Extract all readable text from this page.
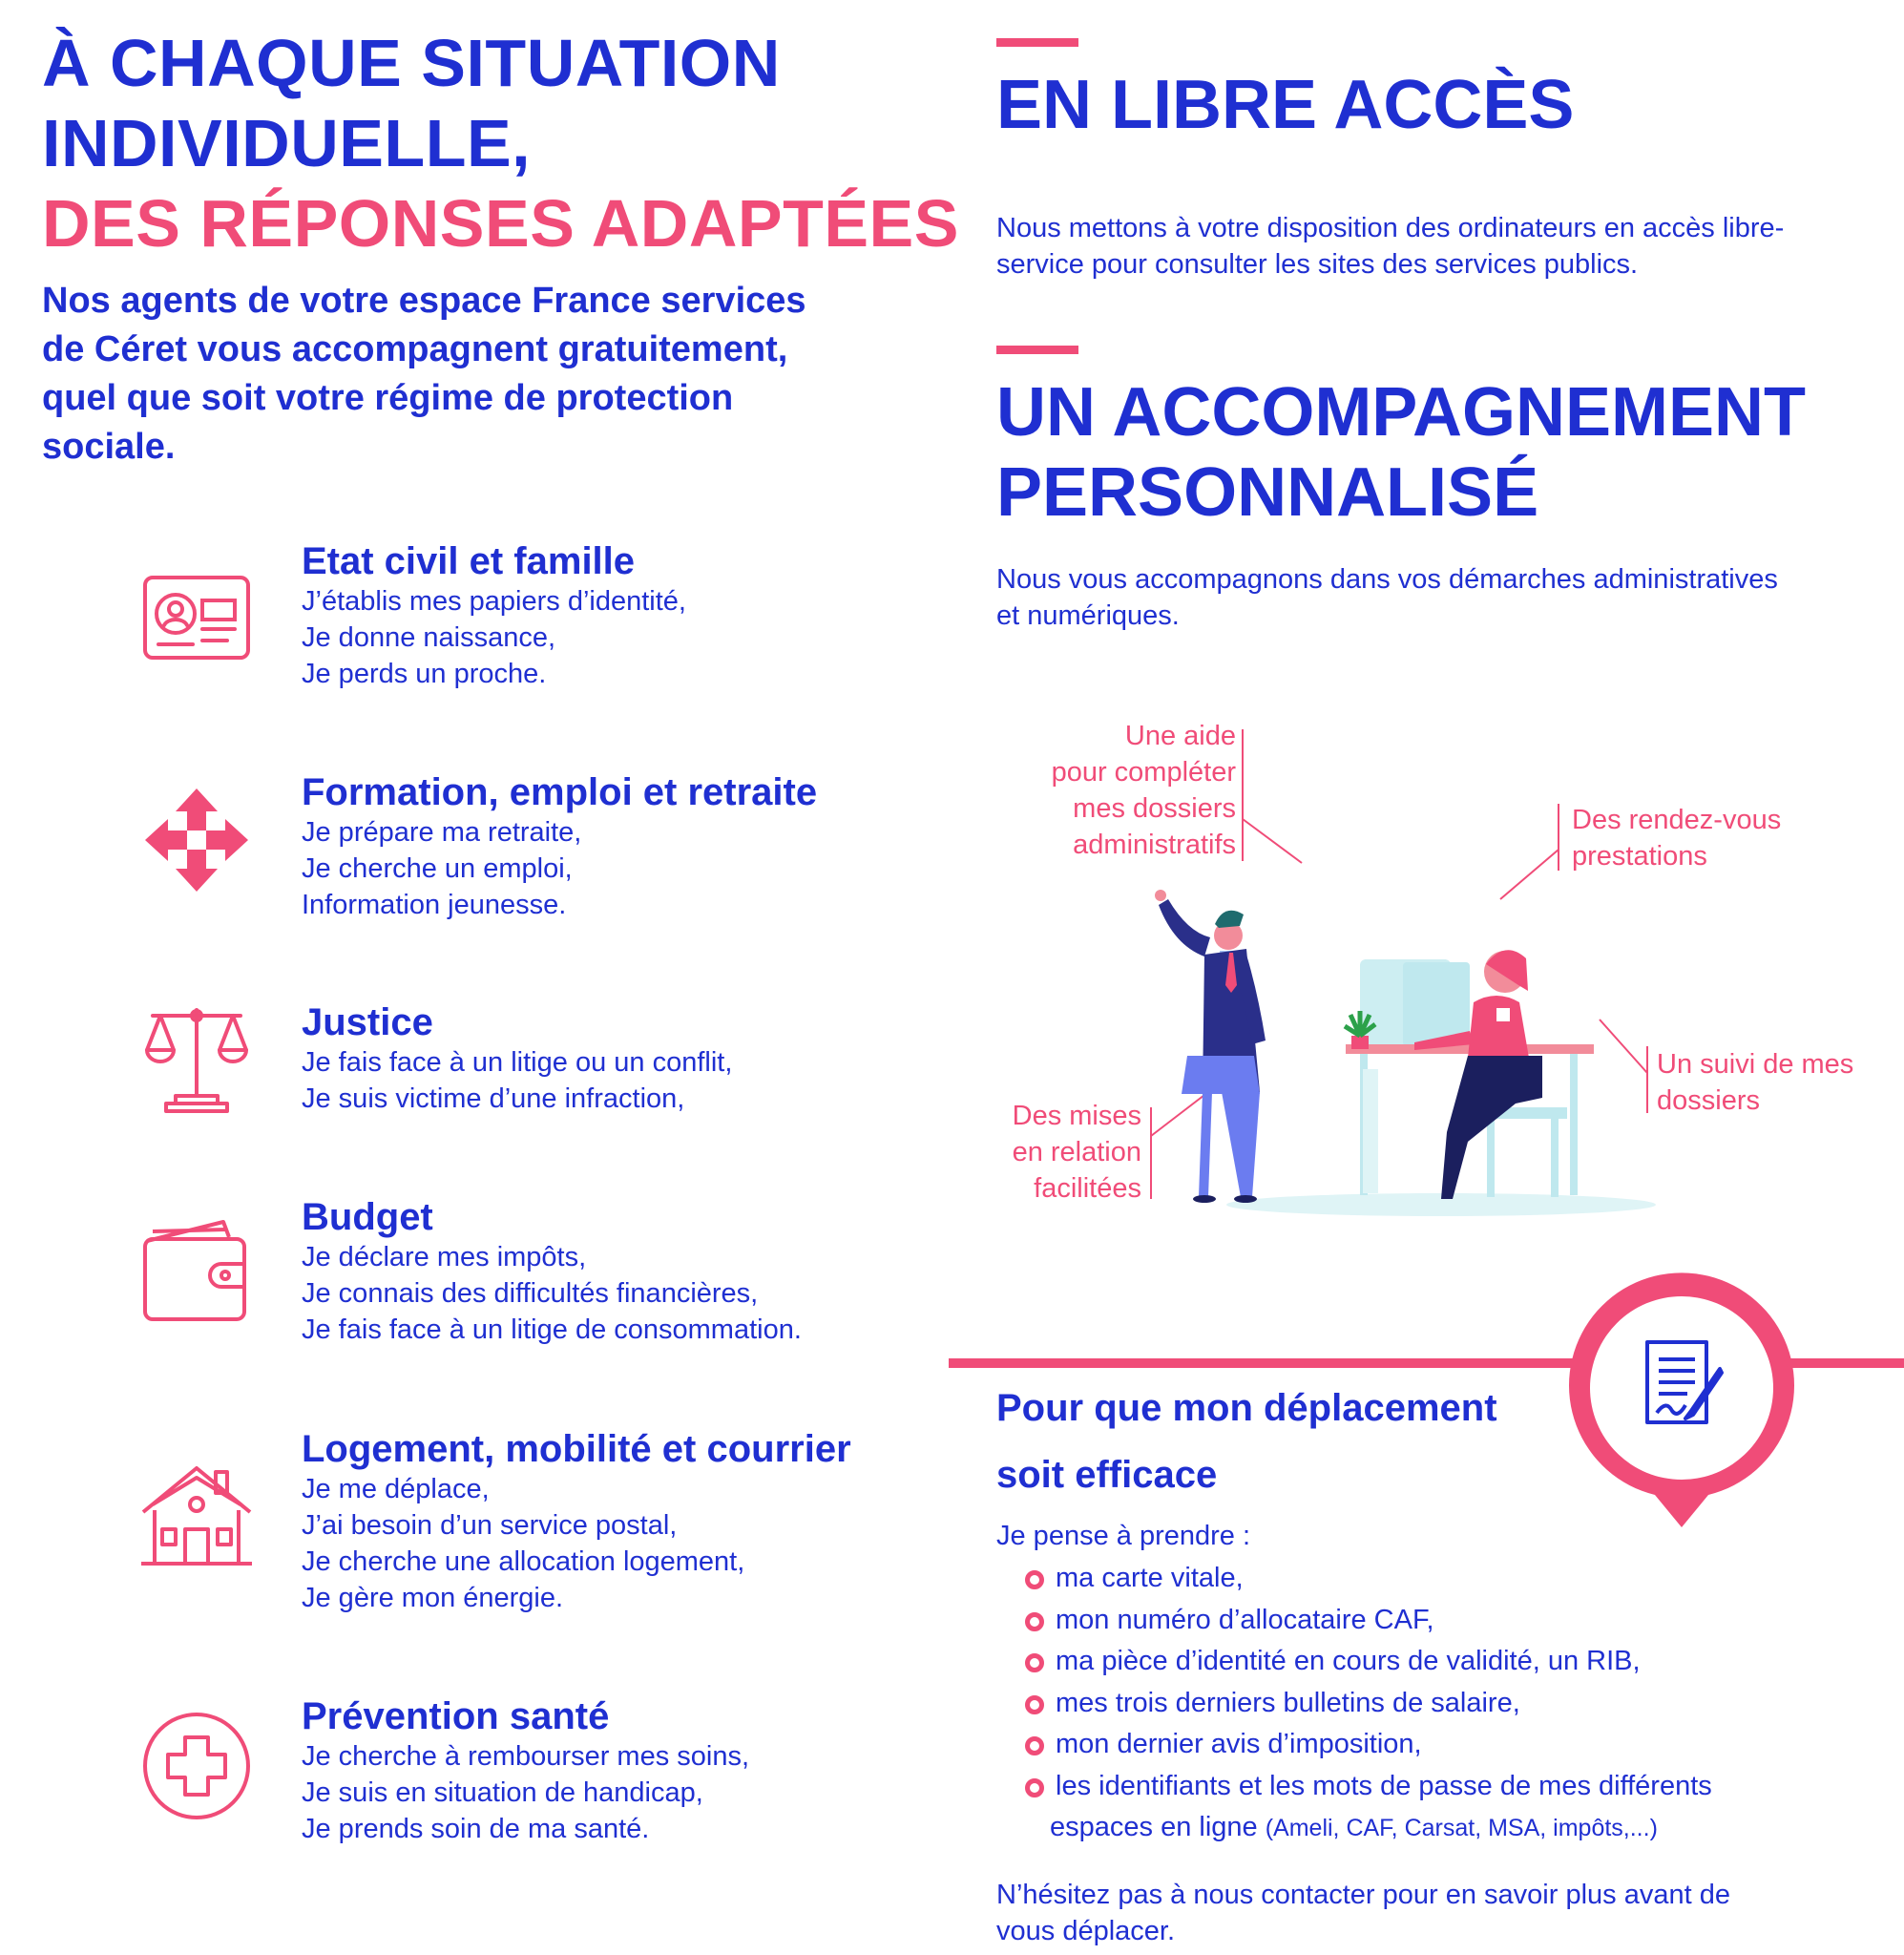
À CHAQUE SITUATION
INDIVIDUELLE,
DES RÉPONSES ADAPTÉES
Nos agents de votre espace France services
de Céret vous accompagnent gratuitement,
quel que soit votre régime de protection
sociale.
Etat civil et famille
J’établis mes papiers d’identité,
Je donne naissance,
Je perds un proche.
Formation, emploi et retraite
Je prépare ma retraite,
Je cherche un emploi,
Information jeunesse.
Justice
Je fais face à un litige ou un conflit,
Je suis victime d’une infraction,
Budget
Je déclare mes impôts,
Je connais des difficultés financières,
Je fais face à un litige de consommation.
Logement, mobilité et courrier
Je me déplace,
J’ai besoin d’un service postal,
Je cherche une allocation logement,
Je gère mon énergie.
Prévention santé
Je cherche à rembourser mes soins,
Je suis en situation de handicap,
Je prends soin de ma santé.
EN LIBRE ACCÈS
Nous mettons à votre disposition des ordinateurs en accès libre-
service pour consulter les sites des services publics.
UN ACCOMPAGNEMENT
PERSONNALISÉ
Nous vous accompagnons dans vos démarches administratives
et numériques.
Une aide
pour compléter
mes dossiers
administratifs
Des rendez-vous
prestations
Un suivi de mes
dossiers
Des mises
en relation
facilitées
Pour que mon déplacement
soit efficace
Je pense à prendre :
ma carte vitale,
mon numéro d’allocataire CAF,
ma pièce d’identité en cours de validité, un RIB,
mes trois derniers bulletins de salaire,
mon dernier avis d’imposition,
les identifiants et les mots de passe de mes différents
espaces en ligne (Ameli, CAF, Carsat, MSA, impôts,...)
N’hésitez pas à nous contacter pour en savoir plus avant de
vous déplacer.
